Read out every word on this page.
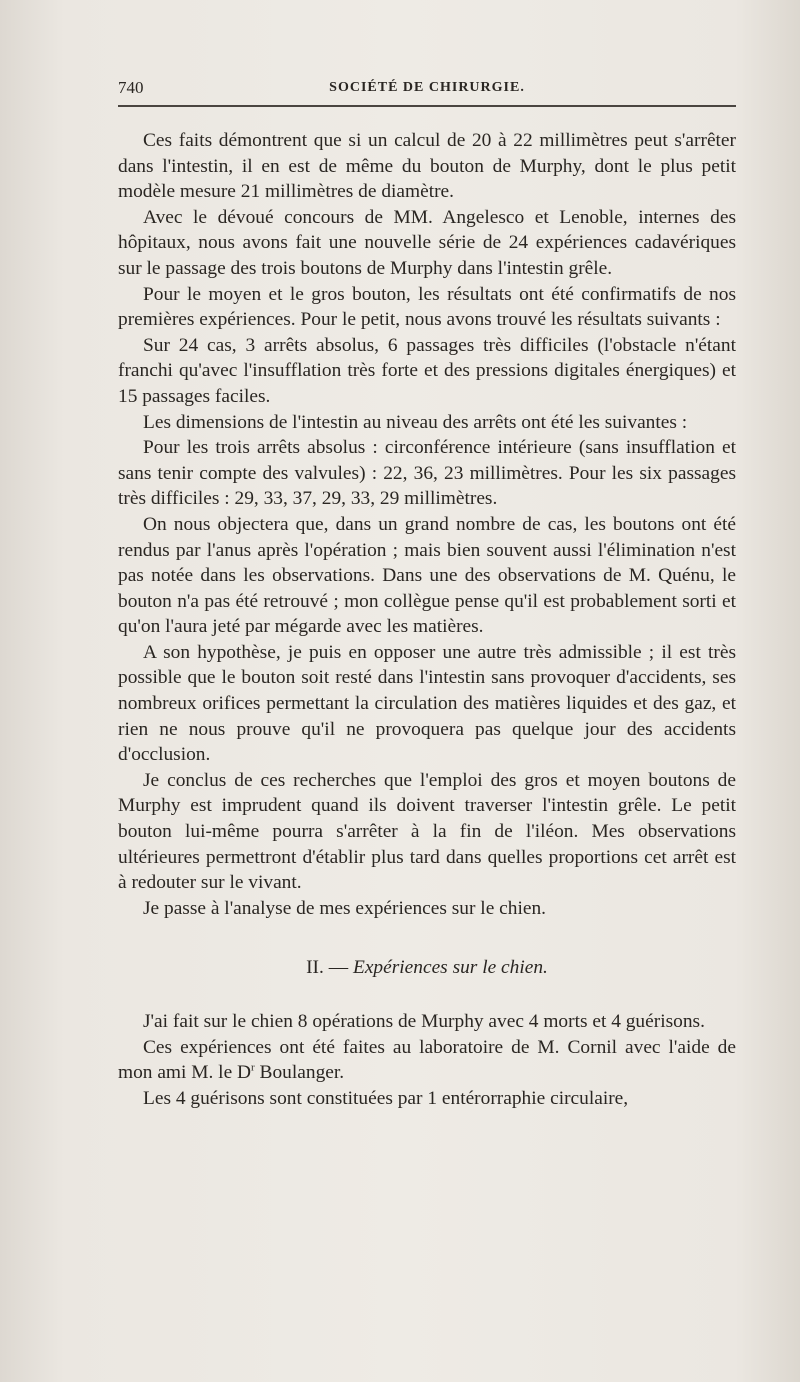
740	SOCIÉTÉ DE CHIRURGIE.

Ces faits démontrent que si un calcul de 20 à 22 millimètres peut s'arrêter dans l'intestin, il en est de même du bouton de Murphy, dont le plus petit modèle mesure 21 millimètres de diamètre.

Avec le dévoué concours de MM. Angelesco et Lenoble, internes des hôpitaux, nous avons fait une nouvelle série de 24 expériences cadavériques sur le passage des trois boutons de Murphy dans l'intestin grêle.

Pour le moyen et le gros bouton, les résultats ont été confirmatifs de nos premières expériences. Pour le petit, nous avons trouvé les résultats suivants :

Sur 24 cas, 3 arrêts absolus, 6 passages très difficiles (l'obstacle n'étant franchi qu'avec l'insufflation très forte et des pressions digitales énergiques) et 15 passages faciles.

Les dimensions de l'intestin au niveau des arrêts ont été les suivantes :

Pour les trois arrêts absolus : circonférence intérieure (sans insufflation et sans tenir compte des valvules) : 22, 36, 23 millimètres. Pour les six passages très difficiles : 29, 33, 37, 29, 33, 29 millimètres.

On nous objectera que, dans un grand nombre de cas, les boutons ont été rendus par l'anus après l'opération ; mais bien souvent aussi l'élimination n'est pas notée dans les observations. Dans une des observations de M. Quénu, le bouton n'a pas été retrouvé ; mon collègue pense qu'il est probablement sorti et qu'on l'aura jeté par mégarde avec les matières.

A son hypothèse, je puis en opposer une autre très admissible ; il est très possible que le bouton soit resté dans l'intestin sans provoquer d'accidents, ses nombreux orifices permettant la circulation des matières liquides et des gaz, et rien ne nous prouve qu'il ne provoquera pas quelque jour des accidents d'occlusion.

Je conclus de ces recherches que l'emploi des gros et moyen boutons de Murphy est imprudent quand ils doivent traverser l'intestin grêle. Le petit bouton lui-même pourra s'arrêter à la fin de l'iléon. Mes observations ultérieures permettront d'établir plus tard dans quelles proportions cet arrêt est à redouter sur le vivant.

Je passe à l'analyse de mes expériences sur le chien.

II. — Expériences sur le chien.

J'ai fait sur le chien 8 opérations de Murphy avec 4 morts et 4 guérisons.

Ces expériences ont été faites au laboratoire de M. Cornil avec l'aide de mon ami M. le $D^r$ Boulanger.

Les 4 guérisons sont constituées par 1 entérorraphie circulaire,
